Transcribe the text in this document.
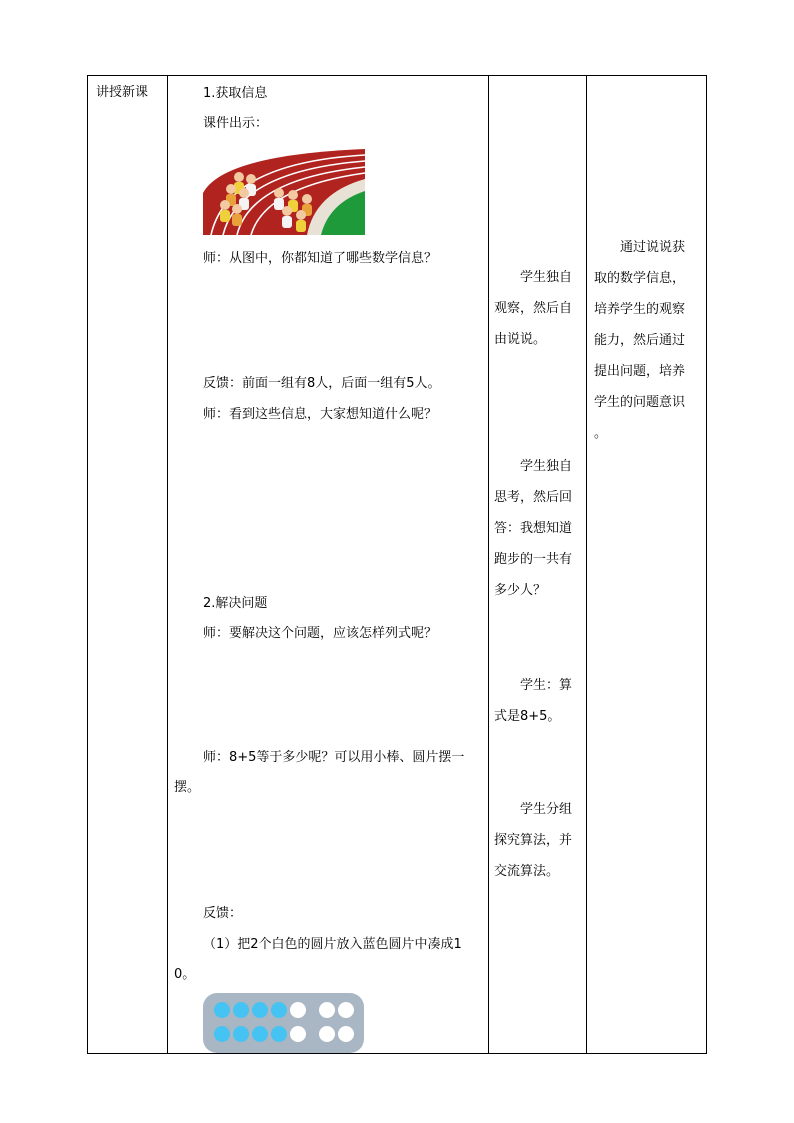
讲授新课	1.获取信息
课件出示：
师：从图中，你都知道了哪些数学信息？
反馈：前面一组有8人，后面一组有5人。
师：看到这些信息，大家想知道什么呢？
2.解决问题
师：要解决这个问题，应该怎样列式呢？
师：8+5等于多少呢？可以用小棒、圆片摆一
摆。
反馈：
（1）把2个白色的圆片放入蓝色圆片中凑成1
0。
　　学生独自
观察，然后自
由说说。
　　学生独自
思考，然后回
答：我想知道
跑步的一共有
多少人？
　　学生：算
式是8+5。
　　学生分组
探究算法，并
交流算法。
　　通过说说获
取的数学信息，
培养学生的观察
能力，然后通过
提出问题，培养
学生的问题意识
。
